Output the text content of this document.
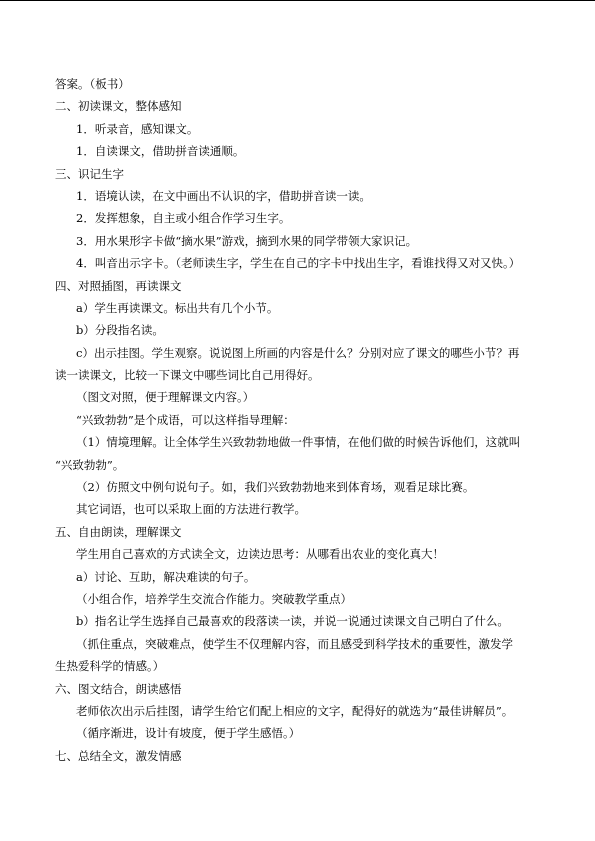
答案。（板书）
二、初读课文，整体感知
1．听录音，感知课文。
1．自读课文，借助拼音读通顺。
三、识记生字
1．语境认读，在文中画出不认识的字，借助拼音读一读。
2．发挥想象，自主或小组合作学习生字。
3．用水果形字卡做“摘水果”游戏，摘到水果的同学带领大家识记。
4．叫音出示字卡。（老师读生字，学生在自己的字卡中找出生字，看谁找得又对又快。）
四、对照插图，再读课文
a）学生再读课文。标出共有几个小节。
b）分段指名读。
c）出示挂图。学生观察。说说图上所画的内容是什么？分别对应了课文的哪些小节？再
读一读课文，比较一下课文中哪些词比自己用得好。
（图文对照，便于理解课文内容。）
“兴致勃勃”是个成语，可以这样指导理解：
（1）情境理解。让全体学生兴致勃勃地做一件事情，在他们做的时候告诉他们，这就叫
“兴致勃勃”。
（2）仿照文中例句说句子。如，我们兴致勃勃地来到体育场，观看足球比赛。
其它词语，也可以采取上面的方法进行教学。
五、自由朗读，理解课文
学生用自己喜欢的方式读全文，边读边思考：从哪看出农业的变化真大！
a）讨论、互助，解决难读的句子。
（小组合作，培养学生交流合作能力。突破教学重点）
b）指名让学生选择自己最喜欢的段落读一读，并说一说通过读课文自己明白了什么。
（抓住重点，突破难点，使学生不仅理解内容，而且感受到科学技术的重要性，激发学
生热爱科学的情感。）
六、图文结合，朗读感悟
老师依次出示后挂图，请学生给它们配上相应的文字，配得好的就选为“最佳讲解员”。
（循序渐进，设计有坡度，便于学生感悟。）
七、总结全文，激发情感
